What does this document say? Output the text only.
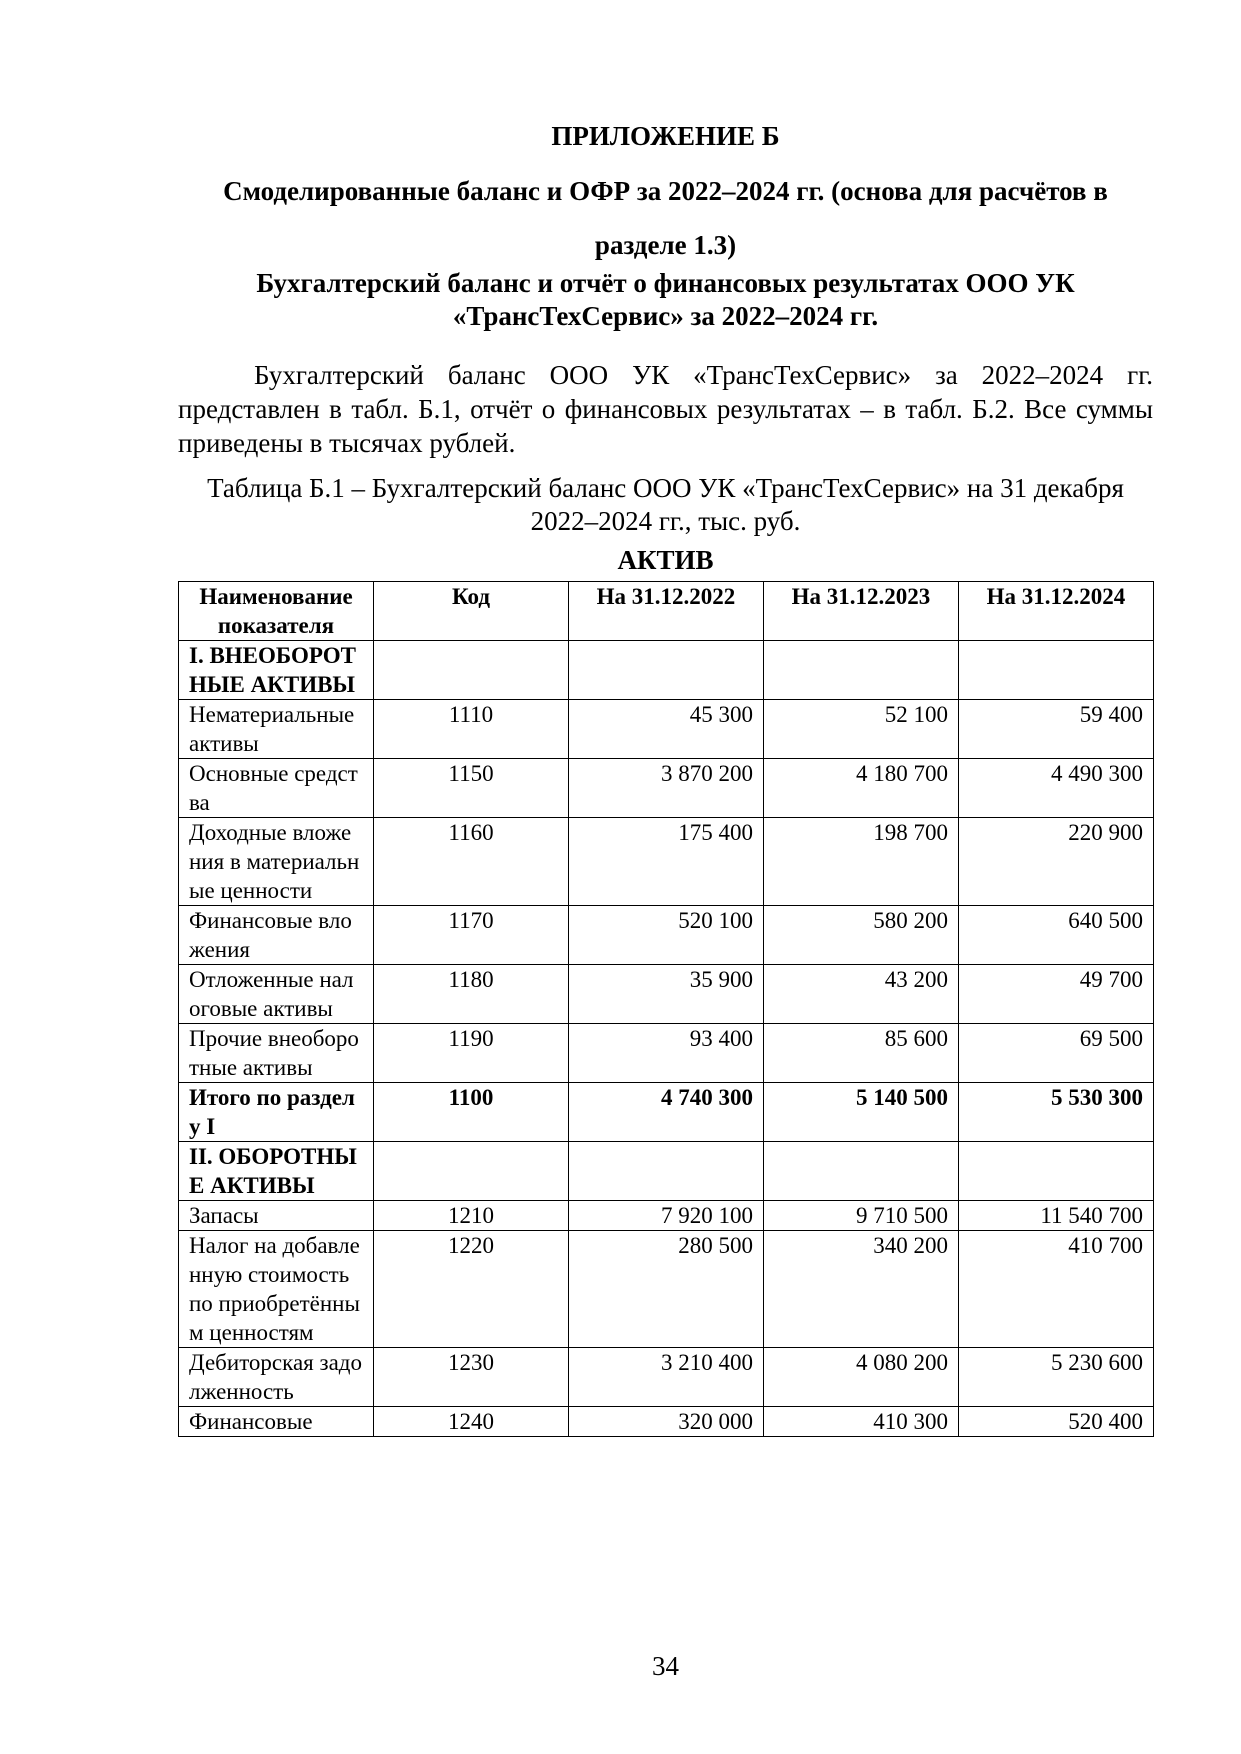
ПРИЛОЖЕНИЕ Б
Смоделированные баланс и ОФР за 2022–2024 гг. (основа для расчётов в разделе 1.3)
Бухгалтерский баланс и отчёт о финансовых результатах ООО УК «ТрансТехСервис» за 2022–2024 гг.
Бухгалтерский баланс ООО УК «ТрансТехСервис» за 2022–2024 гг. представлен в табл. Б.1, отчёт о финансовых результатах – в табл. Б.2. Все суммы приведены в тысячах рублей.
Таблица Б.1 – Бухгалтерский баланс ООО УК «ТрансТехСервис» на 31 декабря 2022–2024 гг., тыс. руб.
АКТИВ
Наименование показателя	Код	На 31.12.2022	На 31.12.2023	На 31.12.2024
I. ВНЕОБОРОТНЫЕ АКТИВЫ				
Нематериальные активы	1110	45 300	52 100	59 400
Основные средства	1150	3 870 200	4 180 700	4 490 300
Доходные вложения в материальные ценности	1160	175 400	198 700	220 900
Финансовые вложения	1170	520 100	580 200	640 500
Отложенные налоговые активы	1180	35 900	43 200	49 700
Прочие внеоборотные активы	1190	93 400	85 600	69 500
Итого по разделу I	1100	4 740 300	5 140 500	5 530 300
II. ОБОРОТНЫЕ АКТИВЫ				
Запасы	1210	7 920 100	9 710 500	11 540 700
Налог на добавленную стоимость по приобретённым ценностям	1220	280 500	340 200	410 700
Дебиторская задолженность	1230	3 210 400	4 080 200	5 230 600
Финансовые	1240	320 000	410 300	520 400
34
